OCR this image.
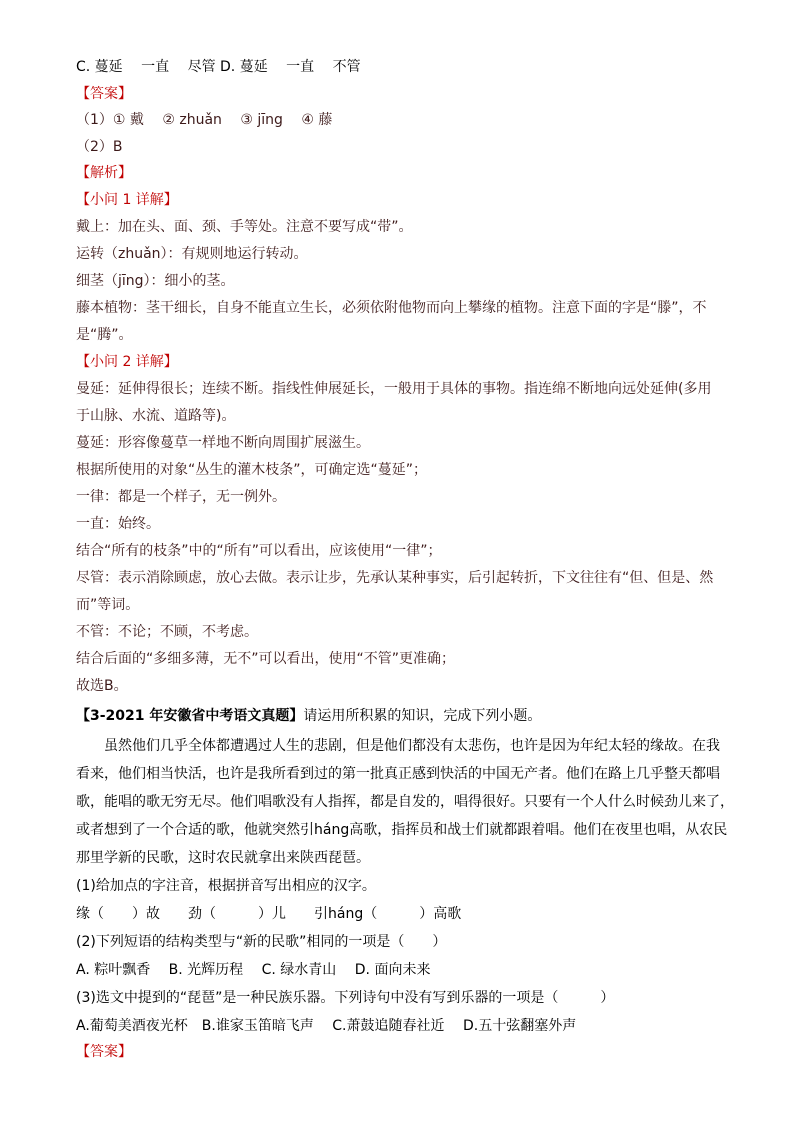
C. 蔓延　 一直　 尽管 D. 蔓延　 一直　 不管
【答案】
（1）① 戴　 ② zhuǎn　 ③ jīng　 ④ 藤
（2）B
【解析】
【小问 1 详解】
戴上：加在头、面、颈、手等处。注意不要写成“带”。
运转（zhuǎn）：有规则地运行转动。
细茎（jīng）：细小的茎。
藤本植物：茎干细长，自身不能直立生长，必须依附他物而向上攀缘的植物。注意下面的字是“滕”，不
是“腾”。
【小问 2 详解】
曼延：延伸得很长；连续不断。指线性伸展延长，一般用于具体的事物。指连绵不断地向远处延伸(多用
于山脉、水流、道路等)。
蔓延：形容像蔓草一样地不断向周围扩展滋生。
根据所使用的对象“丛生的灌木枝条”，可确定选“蔓延”；
一律：都是一个样子，无一例外。
一直：始终。
结合“所有的枝条”中的“所有”可以看出，应该使用“一律”；
尽管：表示消除顾虑，放心去做。表示让步，先承认某种事实，后引起转折，下文往往有“但、但是、然
而”等词。
不管：不论；不顾，不考虑。
结合后面的“多细多薄，无不”可以看出，使用“不管”更准确；
故选B。
【3-2021 年安徽省中考语文真题】请运用所积累的知识，完成下列小题。
虽然他们几乎全体都遭遇过人生的悲剧，但是他们都没有太悲伤，也许是因为年纪太轻的缘故。在我
看来，他们相当快活，也许是我所看到过的第一批真正感到快活的中国无产者。他们在路上几乎整天都唱
歌，能唱的歌无穷无尽。他们唱歌没有人指挥，都是自发的，唱得很好。只要有一个人什么时候劲儿来了，
或者想到了一个合适的歌，他就突然引háng高歌，指挥员和战士们就都跟着唱。他们在夜里也唱，从农民
那里学新的民歌，这时农民就拿出来陕西琵琶。
(1)给加点的字注音，根据拼音写出相应的汉字。
缘（　　）故　　劲（　　　）儿　　引háng（　　　）高歌
(2)下列短语的结构类型与“新的民歌”相同的一项是（　　）
A. 粽叶飘香　 B. 光辉历程　 C. 绿水青山　 D. 面向未来
(3)选文中提到的“琵琶”是一种民族乐器。下列诗句中没有写到乐器的一项是（　　　）
A.葡萄美酒夜光杯　B.谁家玉笛暗飞声　 C.萧鼓追随春社近　 D.五十弦翻塞外声
【答案】
